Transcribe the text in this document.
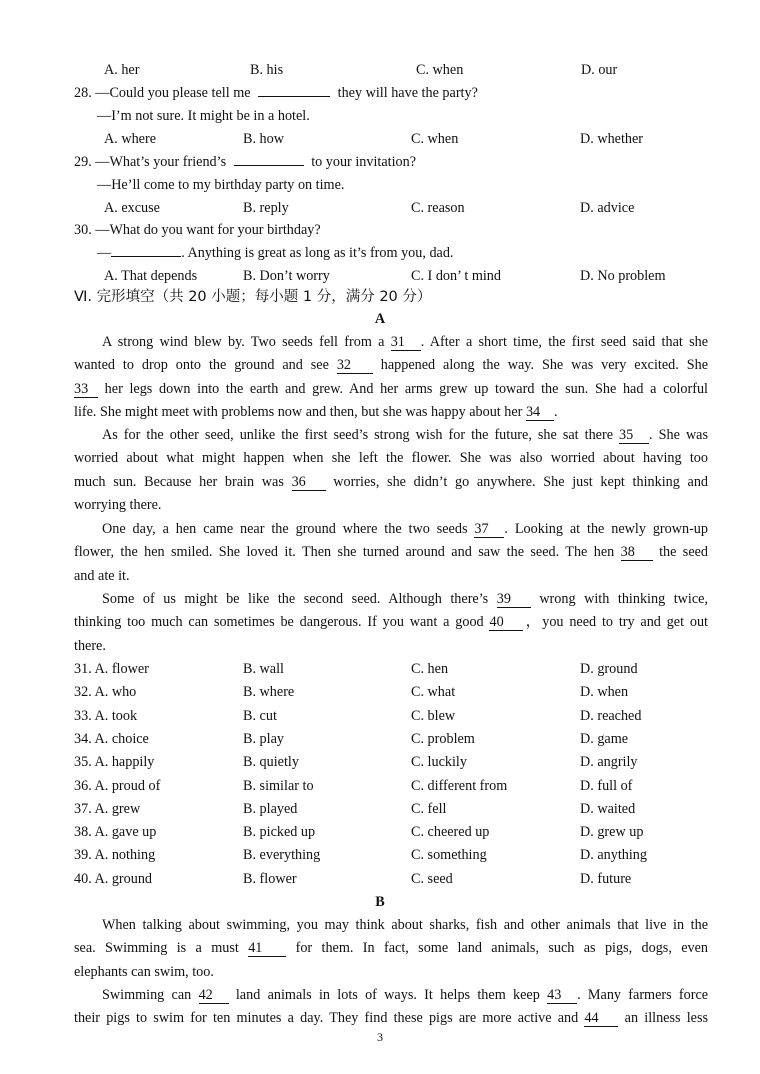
A. her	B. his	C. when	D. our
28. —Could you please tell me	they will have the party?
—I’m not sure. It might be in a hotel.
A. where	B. how	C. when	D. whether
29. —What’s your friend’s	to your invitation?
—He’ll come to my birthday party on time.
A. excuse	B. reply	C. reason	D. advice
30. —What do you want for your birthday?
—	. Anything is great as long as it’s from you, dad.
A. That depends	B. Don’t worry	C. I don’ t mind	D. No problem
Ⅵ. 完形填空（共 20 小题；每小题 1 分，满分 20 分）
A
A strong wind blew by. Two seeds fell from a 31 . After a short time, the first seed said that she
wanted to drop onto the ground and see 32 happened along the way. She was very excited. She
33 her legs down into the earth and grew. And her arms grew up toward the sun. She had a colorful
life. She might meet with problems now and then, but she was happy about her 34 .
As for the other seed, unlike the first seed’s strong wish for the future, she sat there 35 . She was
worried about what might happen when she left the flower. She was also worried about having too
much sun. Because her brain was 36 worries, she didn’t go anywhere. She just kept thinking and
worrying there.
One day, a hen came near the ground where the two seeds 37 . Looking at the newly grown-up
flower, the hen smiled. She loved it. Then she turned around and saw the seed. The hen 38 the seed
and ate it.
Some of us might be like the second seed. Although there’s 39 wrong with thinking twice,
thinking too much can sometimes be dangerous. If you want a good 40 ，you need to try and get out
there.
31. A. flower	B. wall	C. hen	D. ground
32. A. who	B. where	C. what	D. when
33. A. took	B. cut	C. blew	D. reached
34. A. choice	B. play	C. problem	D. game
35. A. happily	B. quietly	C. luckily	D. angrily
36. A. proud of	B. similar to	C. different from	D. full of
37. A. grew	B. played	C. fell	D. waited
38. A. gave up	B. picked up	C. cheered up	D. grew up
39. A. nothing	B. everything	C. something	D. anything
40. A. ground	B. flower	C. seed	D. future
B
When talking about swimming, you may think about sharks, fish and other animals that live in the
sea. Swimming is a must 41 for them. In fact, some land animals, such as pigs, dogs, even
elephants can swim, too.
Swimming can 42 land animals in lots of ways. It helps them keep 43 . Many farmers force
their pigs to swim for ten minutes a day. They find these pigs are more active and 44 an illness less
3
